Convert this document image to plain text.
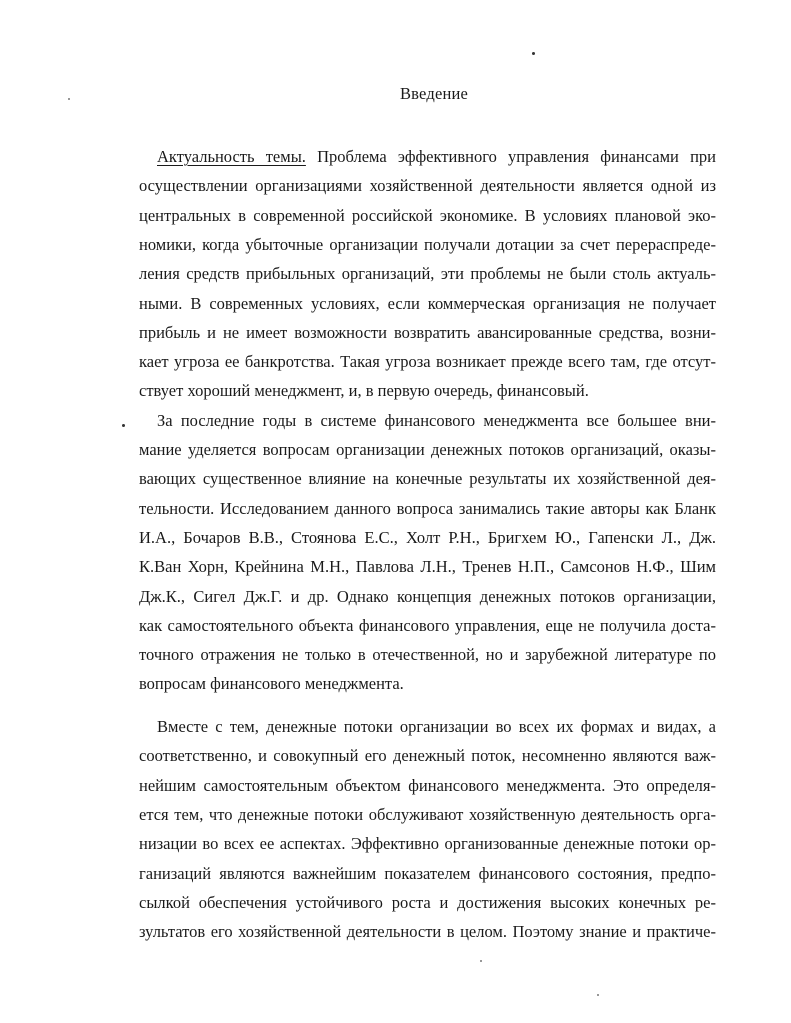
Введение
Актуальность темы. Проблема эффективного управления финансами при
осуществлении организациями хозяйственной деятельности является одной из
центральных в современной российской экономике. В условиях плановой эко-
номики, когда убыточные организации получали дотации за счет перераспреде-
ления средств прибыльных организаций, эти проблемы не были столь актуаль-
ными. В современных условиях, если коммерческая организация не получает
прибыль и не имеет возможности возвратить авансированные средства, возни-
кает угроза ее банкротства. Такая угроза возникает прежде всего там, где отсут-
ствует хороший менеджмент, и, в первую очередь, финансовый.
За последние годы в системе финансового менеджмента все большее вни-
мание уделяется вопросам организации денежных потоков организаций, оказы-
вающих существенное влияние на конечные результаты их хозяйственной дея-
тельности. Исследованием данного вопроса занимались такие авторы как Бланк
И.А., Бочаров В.В., Стоянова Е.С., Холт Р.Н., Бригхем Ю., Гапенски Л., Дж.
К.Ван Хорн, Крейнина М.Н., Павлова Л.Н., Тренев Н.П., Самсонов Н.Ф., Шим
Дж.К., Сигел Дж.Г. и др. Однако концепция денежных потоков организации,
как самостоятельного объекта финансового управления, еще не получила доста-
точного отражения не только в отечественной, но и зарубежной литературе по
вопросам финансового менеджмента.
Вместе с тем, денежные потоки организации во всех их формах и видах, а
соответственно, и совокупный его денежный поток, несомненно являются важ-
нейшим самостоятельным объектом финансового менеджмента. Это определя-
ется тем, что денежные потоки обслуживают хозяйственную деятельность орга-
низации во всех ее аспектах. Эффективно организованные денежные потоки ор-
ганизаций являются важнейшим показателем финансового состояния, предпо-
сылкой обеспечения устойчивого роста и достижения высоких конечных ре-
зультатов его хозяйственной деятельности в целом. Поэтому знание и практиче-
